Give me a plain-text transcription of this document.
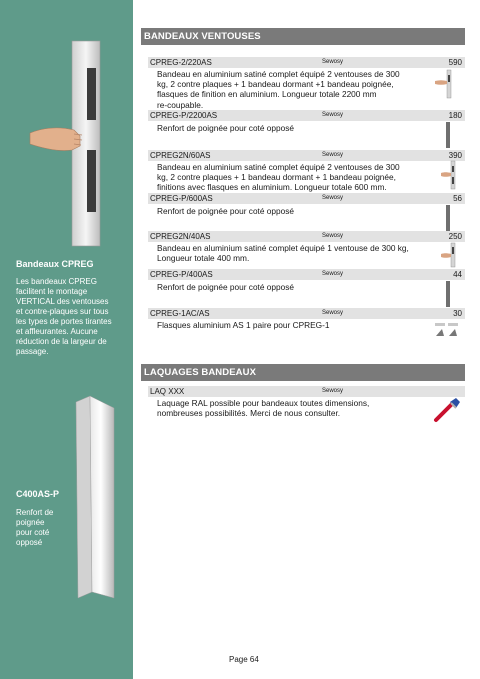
Bandeaux CPREG
Les bandeaux CPREG
facilitent le montage
VERTICAL des ventouses
et contre-plaques sur tous
les types de portes tirantes
et affleurantes. Aucune
réduction de la largeur de
passage.
C400AS-P
Renfort de
poignée
pour coté
opposé
BANDEAUX VENTOUSES
CPREG-2/220AS	Sewosy	590
Bandeau en aluminium satiné complet équipé 2 ventouses de 300
kg, 2 contre plaques + 1 bandeau dormant +1 bandeau poignée,
flasques de finition en aluminium. Longueur totale 2200 mm
re-coupable.
CPREG-P/2200AS	Sewosy	180
Renfort de poignée pour coté opposé
CPREG2N/60AS	Sewosy	390
Bandeau en aluminium satiné complet équipé 2 ventouses de 300
kg, 2 contre plaques + 1 bandeau dormant + 1 bandeau poignée,
finitions avec flasques en aluminium. Longueur totale 600 mm.
CPREG-P/600AS	Sewosy	56
Renfort de poignée pour coté opposé
CPREG2N/40AS	Sewosy	250
Bandeau en aluminium satiné complet équipé 1 ventouse de 300 kg,
Longueur totale 400 mm.
CPREG-P/400AS	Sewosy	44
Renfort de poignée pour coté opposé
CPREG-1AC/AS	Sewosy	30
Flasques aluminium AS 1 paire pour CPREG-1
LAQUAGES BANDEAUX
LAQ XXX	Sewosy
Laquage RAL possible pour bandeaux toutes dimensions,
nombreuses possibilités. Merci de nous consulter.
Page 64
